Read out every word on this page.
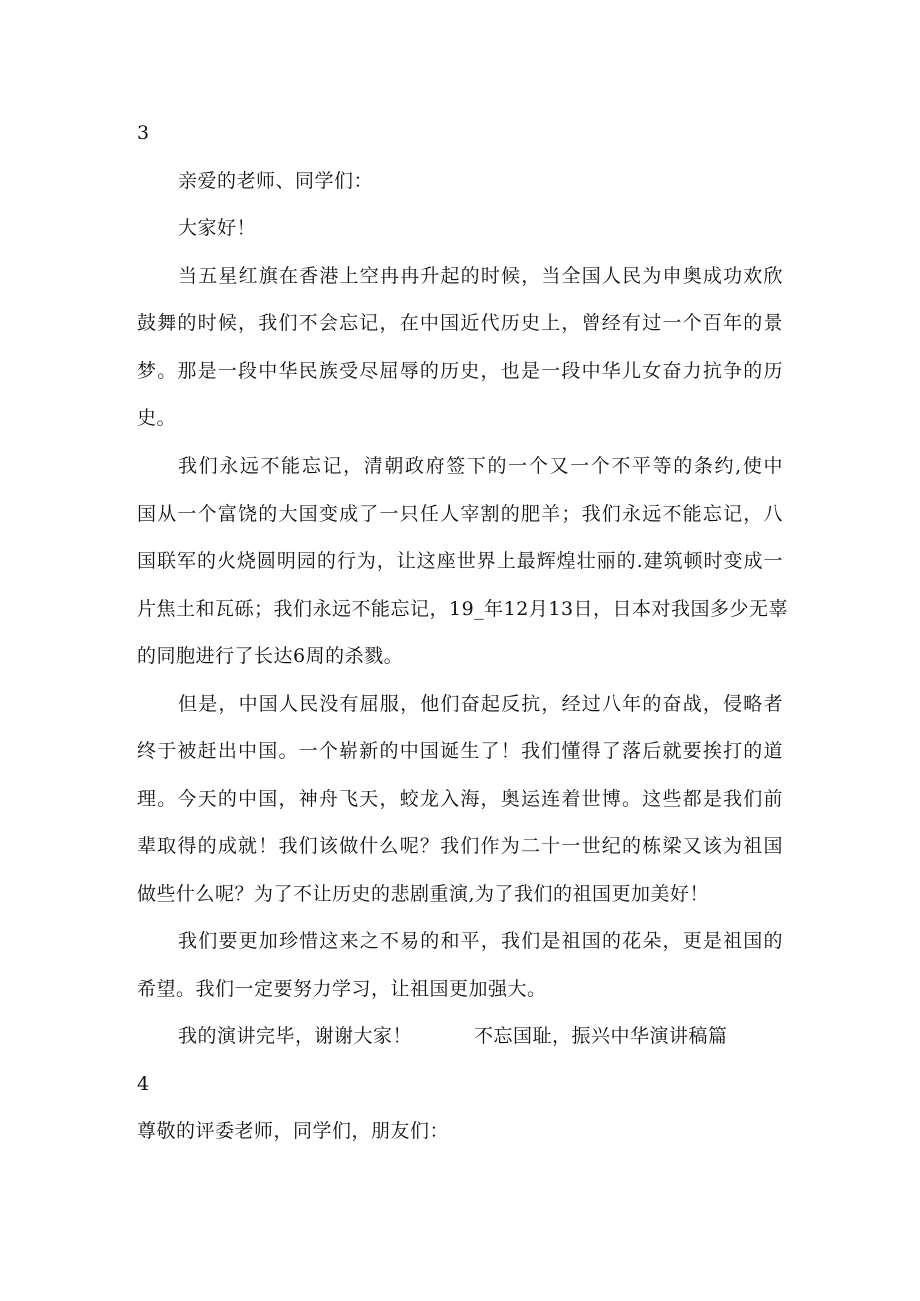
3
亲爱的老师、同学们：
大家好！
当五星红旗在香港上空冉冉升起的时候，当全国人民为申奥成功欢欣
鼓舞的时候，我们不会忘记，在中国近代历史上，曾经有过一个百年的景
梦。那是一段中华民族受尽屈辱的历史，也是一段中华儿女奋力抗争的历
史。
我们永远不能忘记，清朝政府签下的一个又一个不平等的条约,使中
国从一个富饶的大国变成了一只任人宰割的肥羊；我们永远不能忘记，八
国联军的火烧圆明园的行为，让这座世界上最辉煌壮丽的.建筑顿时变成一
片焦土和瓦砾；我们永远不能忘记，19_年12月13日，日本对我国多少无辜
的同胞进行了长达6周的杀戮。
但是，中国人民没有屈服，他们奋起反抗，经过八年的奋战，侵略者
终于被赶出中国。一个崭新的中国诞生了！我们懂得了落后就要挨打的道
理。今天的中国，神舟飞天，蛟龙入海，奥运连着世博。这些都是我们前
辈取得的成就！我们该做什么呢？我们作为二十一世纪的栋梁又该为祖国
做些什么呢？为了不让历史的悲剧重演,为了我们的祖国更加美好！
我们要更加珍惜这来之不易的和平，我们是祖国的花朵，更是祖国的
希望。我们一定要努力学习，让祖国更加强大。
我的演讲完毕，谢谢大家！	不忘国耻，振兴中华演讲稿篇
4
尊敬的评委老师，同学们，朋友们：
